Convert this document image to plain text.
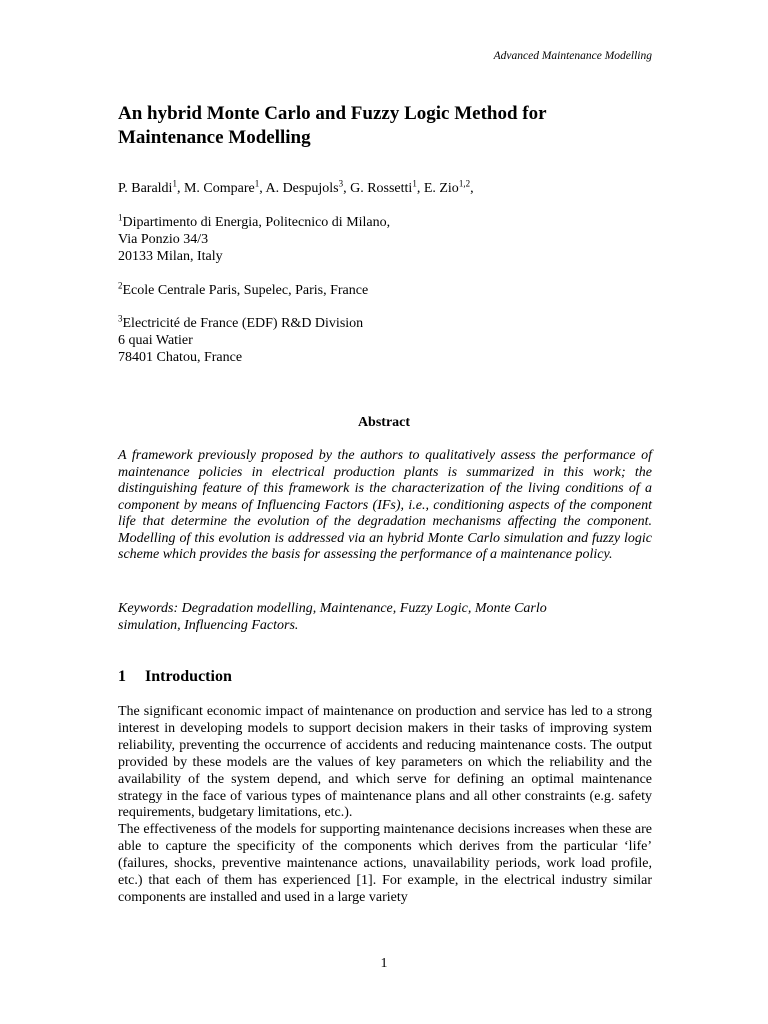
Advanced Maintenance Modelling
An hybrid Monte Carlo and Fuzzy Logic Method for
Maintenance Modelling
P. Baraldi$^1$, M. Compare$^1$, A. Despujols$^3$, G. Rossetti$^1$, E. Zio$^{1,2}$,
$^1$Dipartimento di Energia, Politecnico di Milano,
Via Ponzio 34/3
20133 Milan, Italy
$^2$Ecole Centrale Paris, Supelec, Paris, France
$^3$Electricité de France (EDF) R&D Division
6 quai Watier
78401 Chatou, France
Abstract

A framework previously proposed by the authors to qualitatively assess the performance of maintenance policies in electrical production plants is summarized in this work; the distinguishing feature of this framework is the characterization of the living conditions of a component by means of Influencing Factors (IFs), i.e., conditioning aspects of the component life that determine the evolution of the degradation mechanisms affecting the component. Modelling of this evolution is addressed via an hybrid Monte Carlo simulation and fuzzy logic scheme which provides the basis for assessing the performance of a maintenance policy.

Keywords: Degradation modelling, Maintenance, Fuzzy Logic, Monte Carlo
simulation, Influencing Factors.

1 Introduction

The significant economic impact of maintenance on production and service has led to a strong interest in developing models to support decision makers in their tasks of improving system reliability, preventing the occurrence of accidents and reducing maintenance costs. The output provided by these models are the values of key parameters on which the reliability and the availability of the system depend, and which serve for defining an optimal maintenance strategy in the face of various types of maintenance plans and all other constraints (e.g. safety requirements, budgetary limitations, etc.).

The effectiveness of the models for supporting maintenance decisions increases when these are able to capture the specificity of the components which derives from the particular ‘life’ (failures, shocks, preventive maintenance actions, unavailability periods, work load profile, etc.) that each of them has experienced [1]. For example, in the electrical industry similar components are installed and used in a large variety

1
